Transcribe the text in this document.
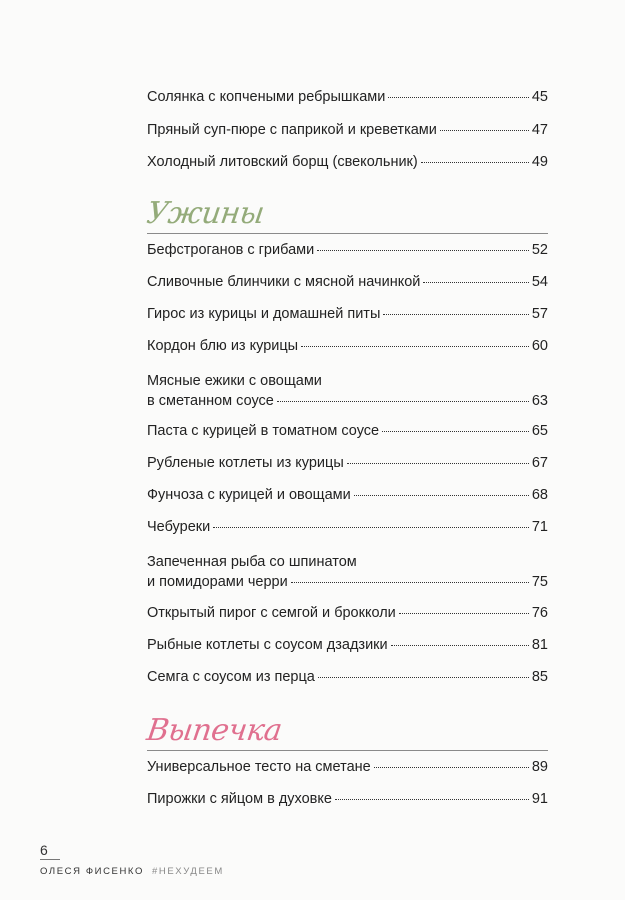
Солянка с копчеными ребрышками	45
Пряный суп-пюре с паприкой и креветками	47
Холодный литовский борщ (свекольник)	49
Ужины
Бефстроганов с грибами	52
Сливочные блинчики с мясной начинкой	54
Гирос из курицы и домашней питы	57
Кордон блю из курицы	60
Мясные ежики с овощами
в сметанном соусе	63
Паста с курицей в томатном соусе	65
Рубленые котлеты из курицы	67
Фунчоза с курицей и овощами	68
Чебуреки	71
Запеченная рыба со шпинатом
и помидорами черри	75
Открытый пирог с семгой и брокколи	76
Рыбные котлеты с соусом дзадзики	81
Семга с соусом из перца	85
Выпечка
Универсальное тесто на сметане	89
Пирожки с яйцом в духовке	91
6
ОЛЕСЯ ФИСЕНКО #НЕХУДЕЕМ
